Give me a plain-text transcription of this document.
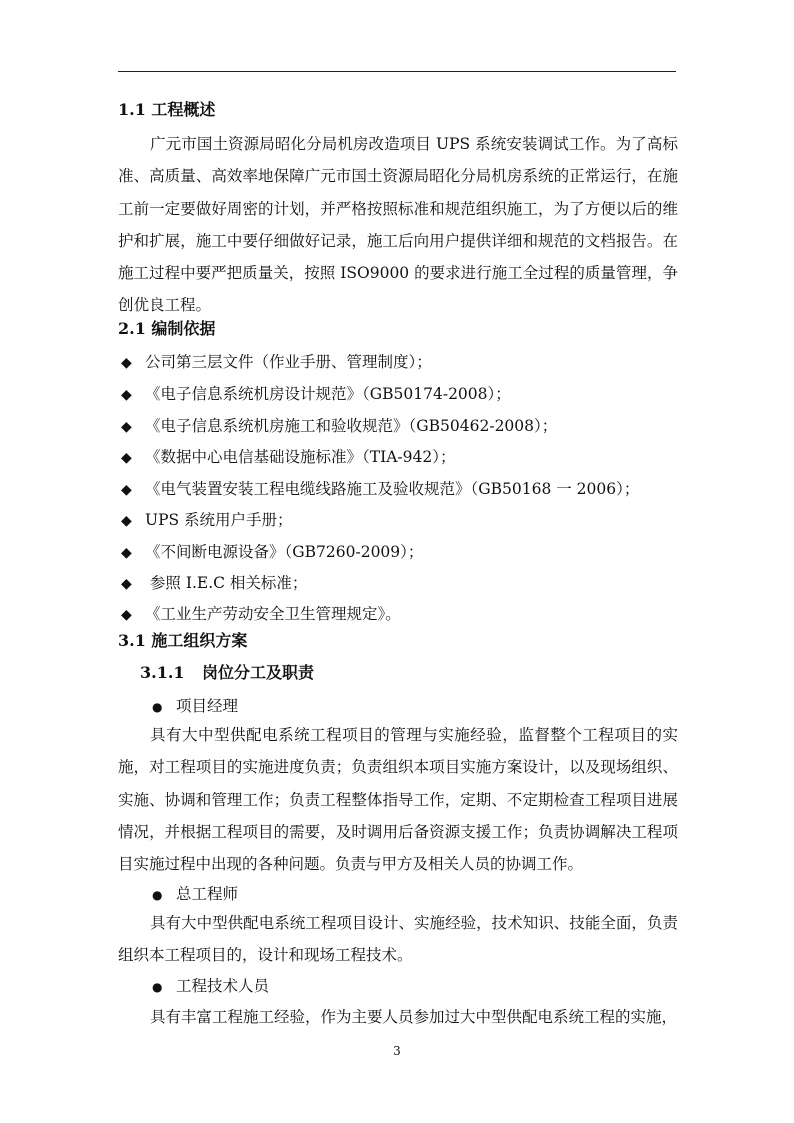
1.1 工程概述

广元市国土资源局昭化分局机房改造项目 UPS 系统安装调试工作。为了高标准、高质量、高效率地保障广元市国土资源局昭化分局机房系统的正常运行，在施工前一定要做好周密的计划，并严格按照标准和规范组织施工，为了方便以后的维护和扩展，施工中要仔细做好记录，施工后向用户提供详细和规范的文档报告。在施工过程中要严把质量关，按照 ISO9000 的要求进行施工全过程的质量管理，争创优良工程。

2.1 编制依据
◆ 公司第三层文件（作业手册、管理制度）；
◆ 《电子信息系统机房设计规范》（GB50174-2008）；
◆ 《电子信息系统机房施工和验收规范》（GB50462-2008）；
◆ 《数据中心电信基础设施标准》（TIA-942）；
◆ 《电气装置安装工程电缆线路施工及验收规范》（GB50168 一 2006）；
◆ UPS 系统用户手册；
◆ 《不间断电源设备》（GB7260-2009）；
◆ 参照 I.E.C 相关标准；
◆ 《工业生产劳动安全卫生管理规定》。
3.1 施工组织方案
3.1.1 岗位分工及职责
● 项目经理

具有大中型供配电系统工程项目的管理与实施经验，监督整个工程项目的实施，对工程项目的实施进度负责；负责组织本项目实施方案设计，以及现场组织、实施、协调和管理工作；负责工程整体指导工作，定期、不定期检查工程项目进展情况，并根据工程项目的需要，及时调用后备资源支援工作；负责协调解决工程项目实施过程中出现的各种问题。负责与甲方及相关人员的协调工作。

● 总工程师

具有大中型供配电系统工程项目设计、实施经验，技术知识、技能全面，负责组织本工程项目的，设计和现场工程技术。

● 工程技术人员

具有丰富工程施工经验，作为主要人员参加过大中型供配电系统工程的实施，

3
